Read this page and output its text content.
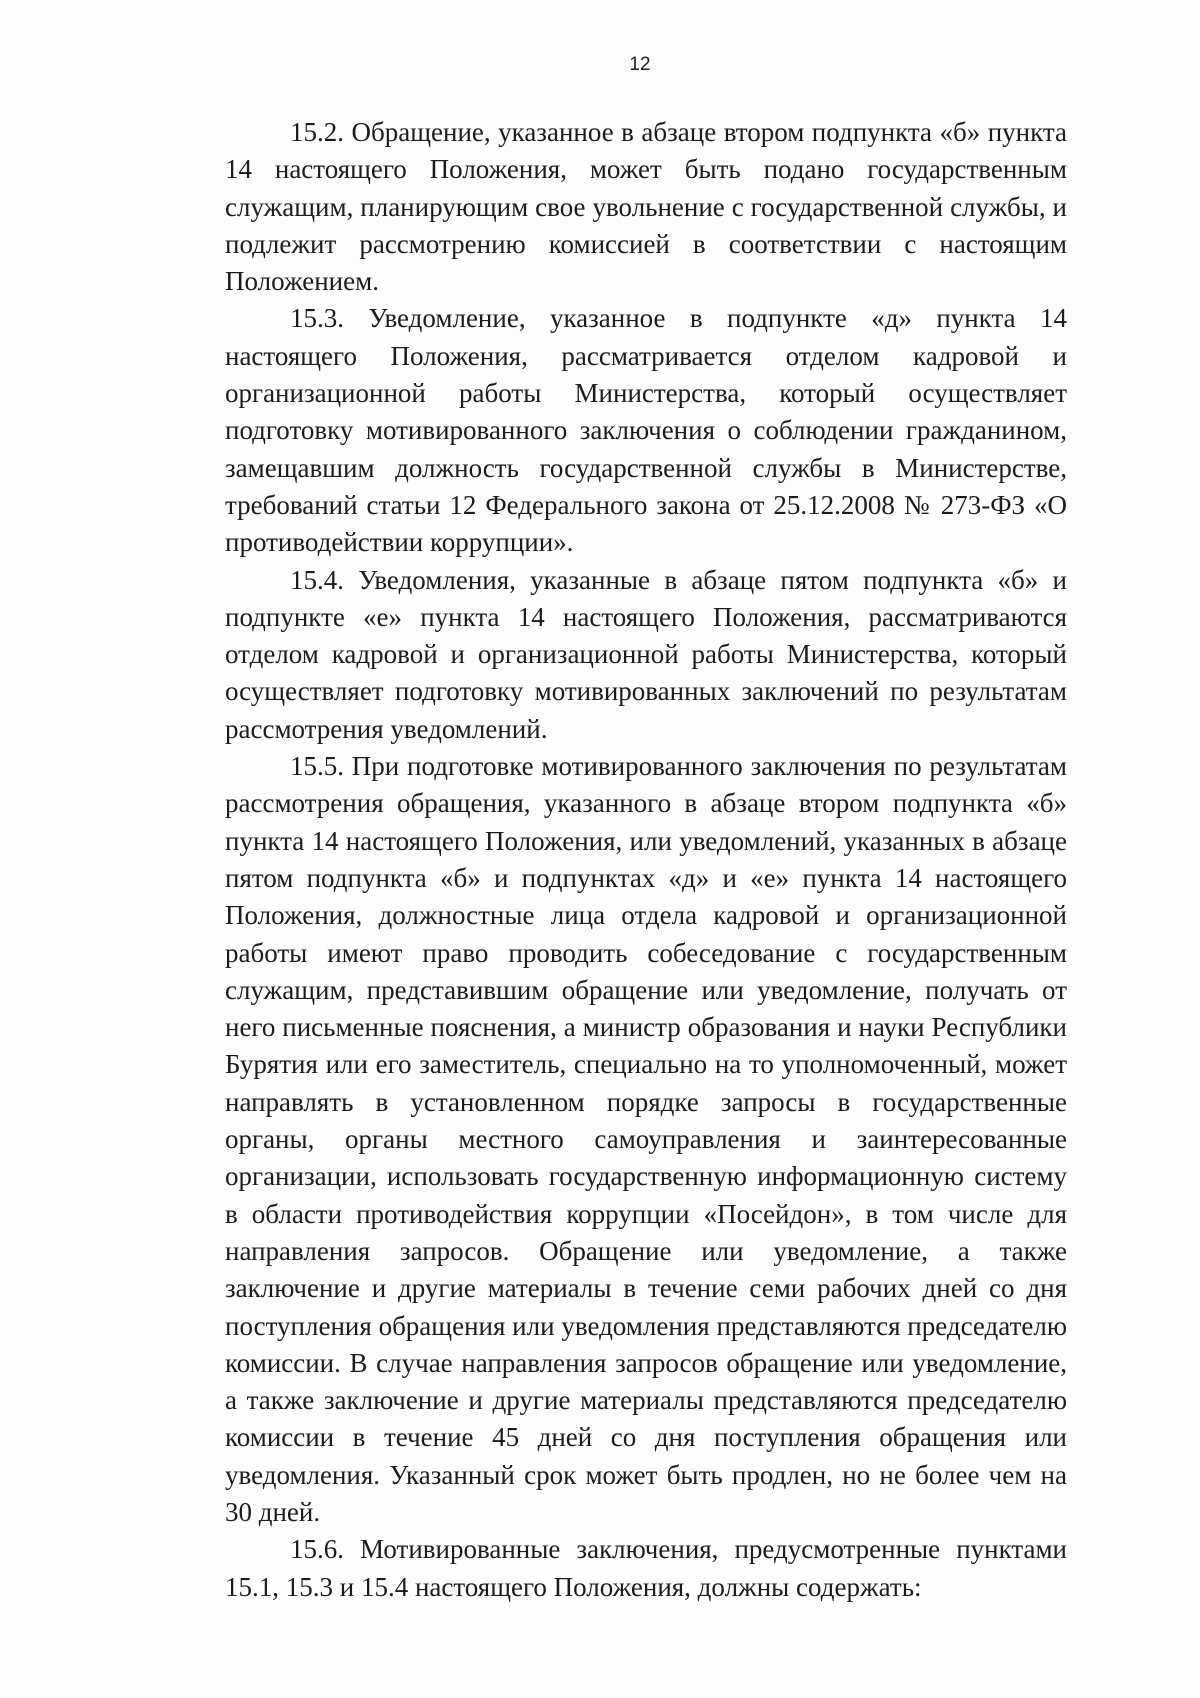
12

15.2. Обращение, указанное в абзаце втором подпункта «б» пункта 14 настоящего Положения, может быть подано государственным служащим, планирующим свое увольнение с государственной службы, и подлежит рассмотрению комиссией в соответствии с настоящим Положением.

15.3. Уведомление, указанное в подпункте «д» пункта 14 настоящего Положения, рассматривается отделом кадровой и организационной работы Министерства, который осуществляет подготовку мотивированного заключения о соблюдении гражданином, замещавшим должность государственной службы в Министерстве, требований статьи 12 Федерального закона от 25.12.2008 № 273-ФЗ «О противодействии коррупции».

15.4. Уведомления, указанные в абзаце пятом подпункта «б» и подпункте «е» пункта 14 настоящего Положения, рассматриваются отделом кадровой и организационной работы Министерства, который осуществляет подготовку мотивированных заключений по результатам рассмотрения уведомлений.

15.5. При подготовке мотивированного заключения по результатам рассмотрения обращения, указанного в абзаце втором подпункта «б» пункта 14 настоящего Положения, или уведомлений, указанных в абзаце пятом подпункта «б» и подпунктах «д» и «е» пункта 14 настоящего Положения, должностные лица отдела кадровой и организационной работы имеют право проводить собеседование с государственным служащим, представившим обращение или уведомление, получать от него письменные пояснения, а министр образования и науки Республики Бурятия или его заместитель, специально на то уполномоченный, может направлять в установленном порядке запросы в государственные органы, органы местного самоуправления и заинтересованные организации, использовать государственную информационную систему в области противодействия коррупции «Посейдон», в том числе для направления запросов. Обращение или уведомление, а также заключение и другие материалы в течение семи рабочих дней со дня поступления обращения или уведомления представляются председателю комиссии. В случае направления запросов обращение или уведомление, а также заключение и другие материалы представляются председателю комиссии в течение 45 дней со дня поступления обращения или уведомления. Указанный срок может быть продлен, но не более чем на 30 дней.

15.6. Мотивированные заключения, предусмотренные пунктами 15.1, 15.3 и 15.4 настоящего Положения, должны содержать:
